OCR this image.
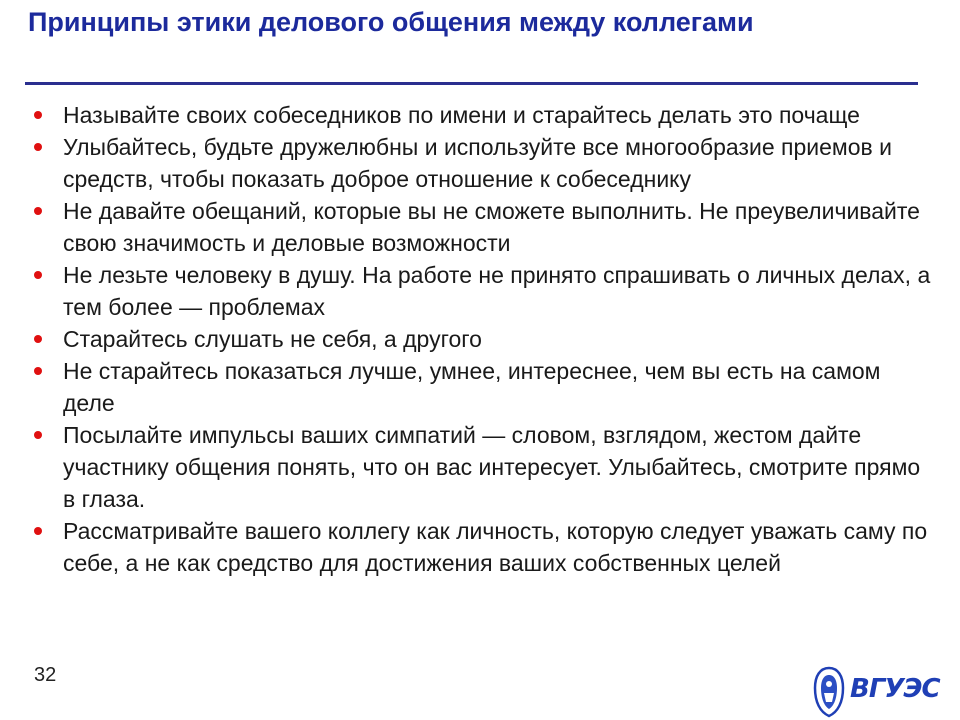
Принципы этики делового общения между коллегами
Называйте своих собеседников по имени и старайтесь делать это почаще
Улыбайтесь, будьте дружелюбны и используйте все многообразие приемов и средств, чтобы показать доброе отношение к собеседнику
Не давайте обещаний, которые вы не сможете выполнить. Не преувеличивайте свою значимость и деловые возможности
Не лезьте человеку в душу. На работе не принято спрашивать о личных делах, а тем более — проблемах
Старайтесь слушать не себя, а другого
Не старайтесь показаться лучше, умнее, интереснее, чем вы есть на самом деле
Посылайте импульсы ваших симпатий — словом, взглядом, жестом дайте участнику общения понять, что он вас интересует. Улыбайтесь, смотрите прямо в глаза.
Рассматривайте вашего коллегу как личность, которую следует уважать саму по себе, а не как средство для достижения ваших собственных целей
32	ВГУЭС
